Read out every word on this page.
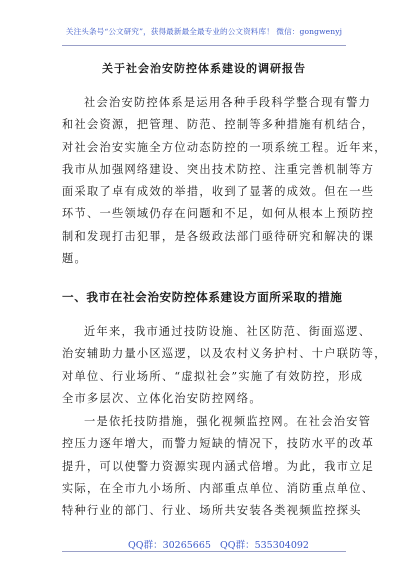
关注头条号“公文研究”，获得最新最全最专业的公文资料库！ 微信：gongwenyj
关于社会治安防控体系建设的调研报告
社会治安防控体系是运用各种手段科学整合现有警力
和社会资源，把管理、防范、控制等多种措施有机结合，
对社会治安实施全方位动态防控的一项系统工程。近年来，
我市从加强网络建设、突出技术防控、注重完善机制等方
面采取了卓有成效的举措，收到了显著的成效。但在一些
环节、一些领域仍存在问题和不足，如何从根本上预防控
制和发现打击犯罪，是各级政法部门亟待研究和解决的课
题。
一、我市在社会治安防控体系建设方面所采取的措施
近年来，我市通过技防设施、社区防范、街面巡逻、
治安辅助力量小区巡逻，以及农村义务护村、十户联防等，
对单位、行业场所、“虚拟社会”实施了有效防控，形成
全市多层次、立体化治安防控网络。
一是依托技防措施，强化视频监控网。在社会治安管
控压力逐年增大，而警力短缺的情况下，技防水平的改革
提升，可以使警力资源实现内涵式倍增。为此，我市立足
实际，在全市九小场所、内部重点单位、消防重点单位、
特种行业的部门、行业、场所共安装各类视频监控探头
QQ群：30265665 QQ群：535304092
